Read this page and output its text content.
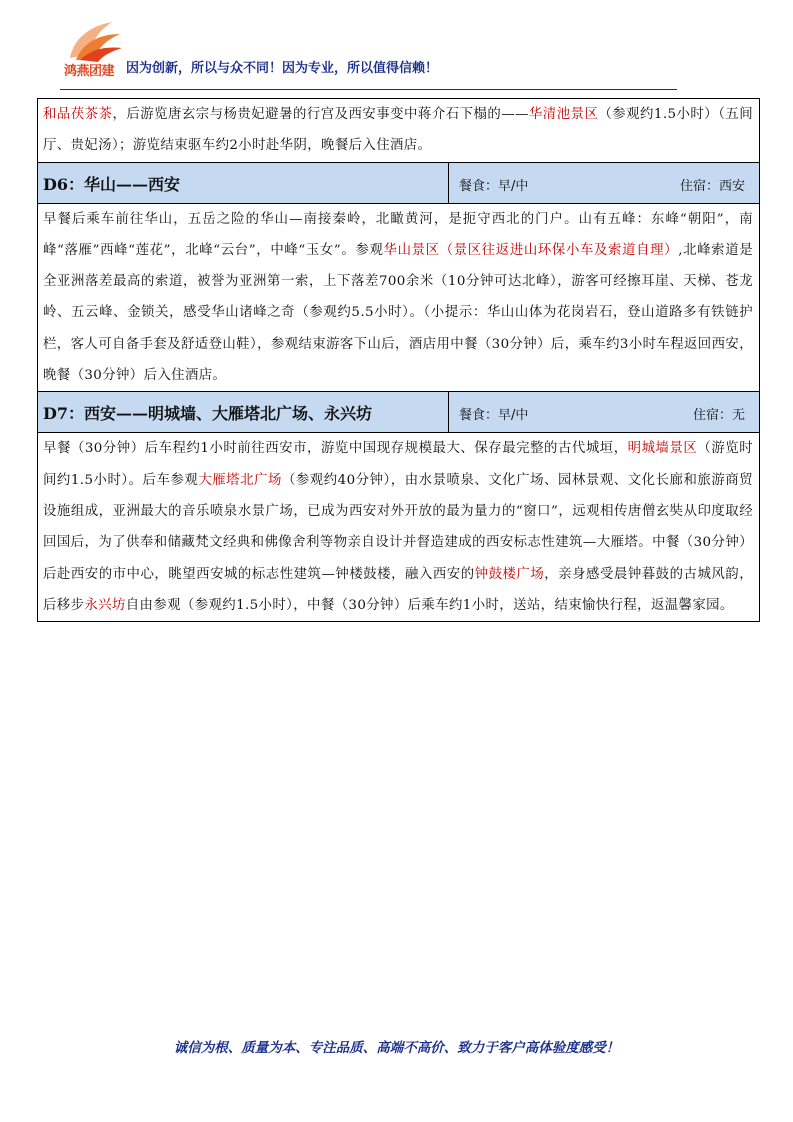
鸿燕团建 因为创新，所以与众不同！因为专业，所以值得信赖！
和品茯茶茶，后游览唐玄宗与杨贵妃避暑的行宫及西安事变中蒋介石下榻的——华清池景区（参观约1.5小时）（五间厅、贵妃汤）；游览结束驱车约2小时赴华阴，晚餐后入住酒店。		

D6：华山——西安	餐食：早/中	住宿：西安

早餐后乘车前往华山，五岳之险的华山—南接秦岭，北瞰黄河，是扼守西北的门户。山有五峰：东峰“朝阳”，南峰“落雁”西峰“莲花”，北峰“云台”，中峰“玉女”。参观华山景区（景区往返进山环保小车及索道自理）,北峰索道是全亚洲落差最高的索道，被誉为亚洲第一索，上下落差700余米（10分钟可达北峰），游客可经擦耳崖、天梯、苍龙岭、五云峰、金锁关，感受华山诸峰之奇（参观约5.5小时）。（小提示：华山山体为花岗岩石，登山道路多有铁链护栏，客人可自备手套及舒适登山鞋），参观结束游客下山后，酒店用中餐（30分钟）后，乘车约3小时车程返回西安，晚餐（30分钟）后入住酒店。		

D7：西安——明城墙、大雁塔北广场、永兴坊	餐食：早/中	住宿：无

早餐（30分钟）后车程约1小时前往西安市，游览中国现存规模最大、保存最完整的古代城垣，明城墙景区（游览时间约1.5小时）。后车参观大雁塔北广场（参观约40分钟），由水景喷泉、文化广场、园林景观、文化长廊和旅游商贸设施组成，亚洲最大的音乐喷泉水景广场，已成为西安对外开放的最为量力的“窗口”，远观相传唐僧玄奘从印度取经回国后，为了供奉和储藏梵文经典和佛像舍利等物亲自设计并督造建成的西安标志性建筑—大雁塔。中餐（30分钟）后赴西安的市中心，眺望西安城的标志性建筑—钟楼鼓楼，融入西安的钟鼓楼广场，亲身感受晨钟暮鼓的古城风韵，后移步永兴坊自由参观（参观约1.5小时），中餐（30分钟）后乘车约1小时，送站，结束愉快行程，返温馨家园。		
诚信为根、质量为本、专注品质、高端不高价、致力于客户高体验度感受！
